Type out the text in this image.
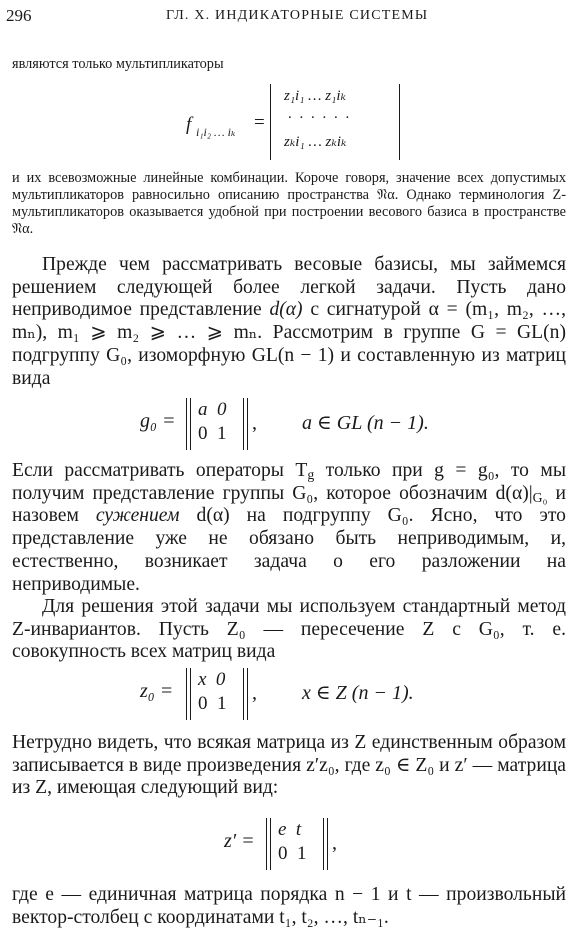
296	ГЛ. X. ИНДИКАТОРНЫЕ СИСТЕМЫ

являются только мультипликаторы

f i₁i₂ … iₖ =
z₁i₁ … z₁iₖ
. . . . . .
zₖi₁ … zₖiₖ

и их всевозможные линейные комбинации. Короче говоря, значение всех допустимых мультипликаторов равносильно описанию пространства 𝔑α. Однако терминология Z-мультипликаторов оказывается удобной при построении весового базиса в пространстве 𝔑α.

Прежде чем рассматривать весовые базисы, мы займемся решением следующей более легкой задачи. Пусть дано неприводимое представление d(α) с сигнатурой α = (m₁, m₂, …, mₙ), m₁ ⩾ m₂ ⩾ … ⩾ mₙ. Рассмотрим в группе G = GL(n) подгруппу G₀, изоморфную GL(n − 1) и составленную из матриц вида

g₀ =
a  0
0  1 , a ∈ GL (n − 1).

Если рассматривать операторы $T_g$ только при g = g₀, то мы получим представление группы G₀, которое обозначим $d(\alpha)|_{G_0}$ и назовем сужением d(α) на подгруппу G₀. Ясно, что это представление уже не обязано быть неприводимым, и, естественно, возникает задача о его разложении на неприводимые.

Для решения этой задачи мы используем стандартный метод Z-инвариантов. Пусть Z₀ — пересечение Z с G₀, т. е. совокупность всех матриц вида

z₀ =
x  0
0  1 , x ∈ Z (n − 1).

Нетрудно видеть, что всякая матрица из Z единственным образом записывается в виде произведения z′z₀, где z₀ ∈ Z₀ и z′ — матрица из Z, имеющая следующий вид:

z′ =
e  t
0  1 ,

где e — единичная матрица порядка n − 1 и t — произвольный вектор-столбец с координатами t₁, t₂, …, tₙ₋₁.
